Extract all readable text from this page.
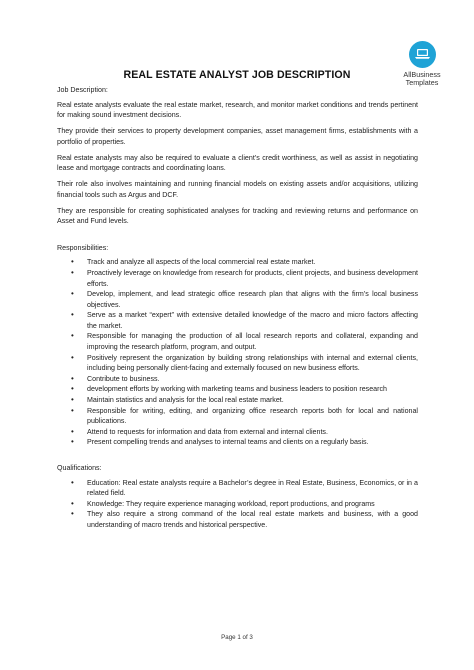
AllBusiness Templates
REAL ESTATE ANALYST JOB DESCRIPTION
Job Description:

Real estate analysts evaluate the real estate market, research, and monitor market conditions and trends pertinent for making sound investment decisions.

They provide their services to property development companies, asset management firms, establishments with a portfolio of properties.

Real estate analysts may also be required to evaluate a client’s credit worthiness, as well as assist in negotiating lease and mortgage contracts and coordinating loans.

Their role also involves maintaining and running financial models on existing assets and/or acquisitions, utilizing financial tools such as Argus and DCF.

They are responsible for creating sophisticated analyses for tracking and reviewing returns and performance on Asset and Fund levels.

Responsibilities:
• Track and analyze all aspects of the local commercial real estate market.
• Proactively leverage on knowledge from research for products, client projects, and business development efforts.
• Develop, implement, and lead strategic office research plan that aligns with the firm’s local business objectives.
• Serve as a market “expert” with extensive detailed knowledge of the macro and micro factors affecting the market.
• Responsible for managing the production of all local research reports and collateral, expanding and improving the research platform, program, and output.
• Positively represent the organization by building strong relationships with internal and external clients, including being personally client-facing and externally focused on new business efforts.
• Contribute to business.
• development efforts by working with marketing teams and business leaders to position research
• Maintain statistics and analysis for the local real estate market.
• Responsible for writing, editing, and organizing office research reports both for local and national publications.
• Attend to requests for information and data from external and internal clients.
• Present compelling trends and analyses to internal teams and clients on a regularly basis.
Qualifications:
• Education: Real estate analysts require a Bachelor’s degree in Real Estate, Business, Economics, or in a related field.
• Knowledge: They require experience managing workload, report productions, and programs
• They also require a strong command of the local real estate markets and business, with a good understanding of macro trends and historical perspective.
Page 1 of 3
